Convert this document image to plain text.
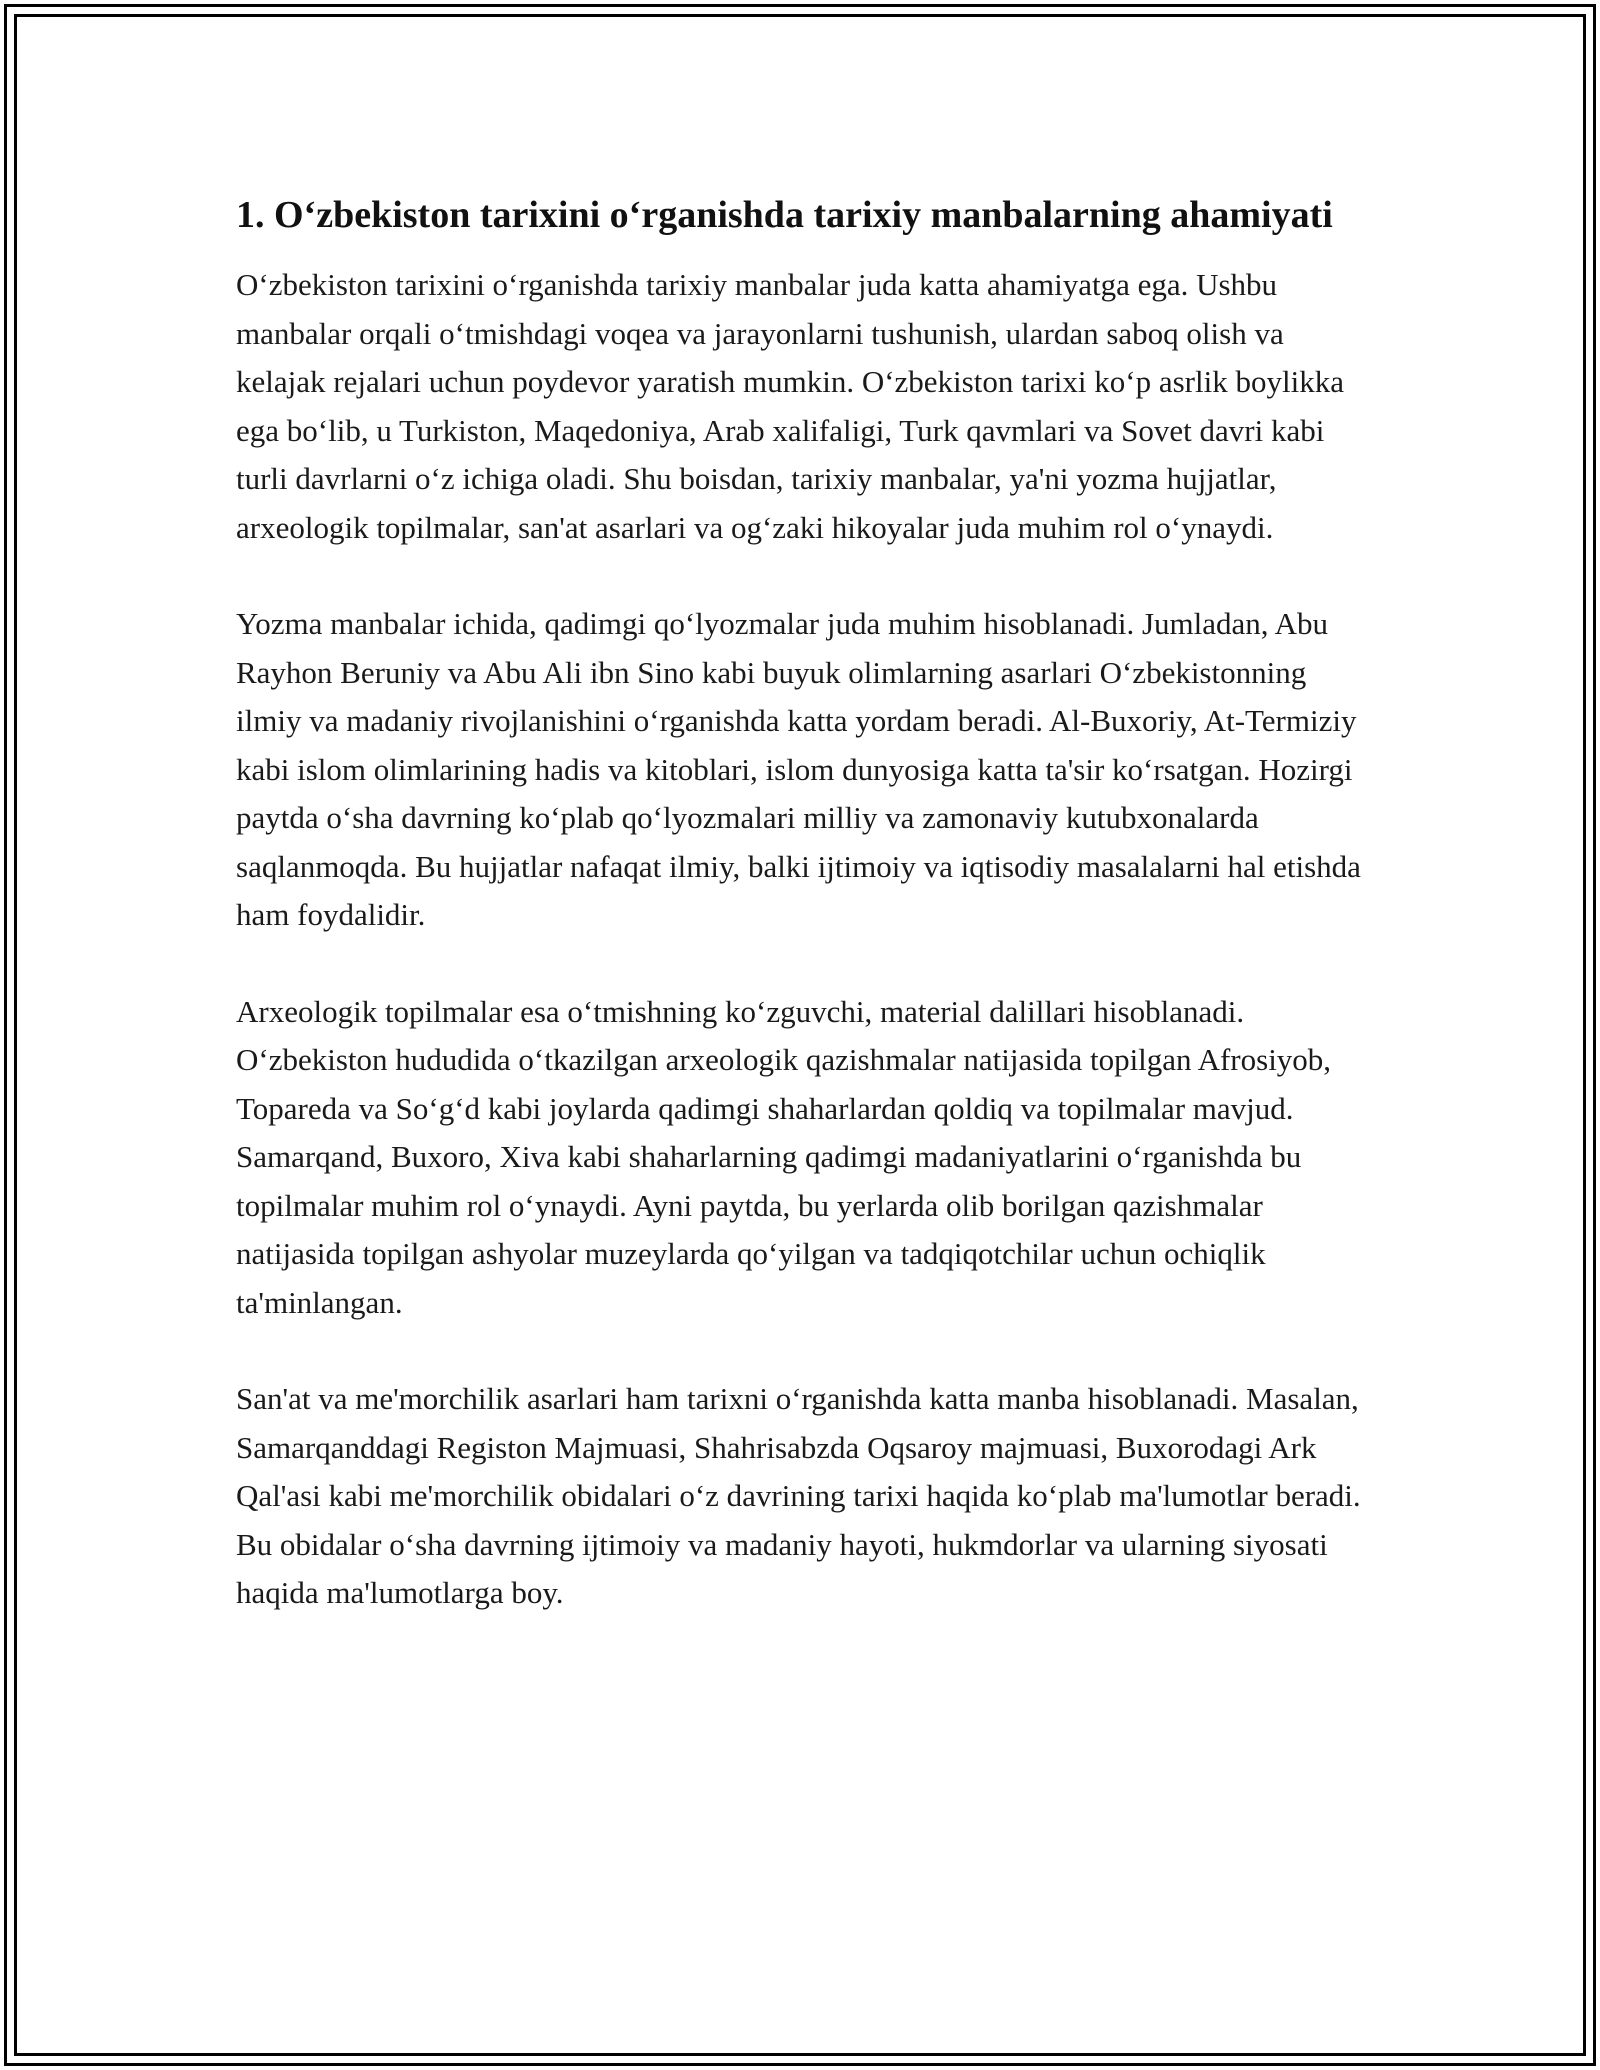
1. O‘zbekiston tarixini o‘rganishda tarixiy manbalarning ahamiyati

O‘zbekiston tarixini o‘rganishda tarixiy manbalar juda katta ahamiyatga ega. Ushbu manbalar orqali o‘tmishdagi voqea va jarayonlarni tushunish, ulardan saboq olish va kelajak rejalari uchun poydevor yaratish mumkin. O‘zbekiston tarixi ko‘p asrlik boylikka ega bo‘lib, u Turkiston, Maqedoniya, Arab xalifaligi, Turk qavmlari va Sovet davri kabi turli davrlarni o‘z ichiga oladi. Shu boisdan, tarixiy manbalar, ya'ni yozma hujjatlar, arxeologik topilmalar, san'at asarlari va og‘zaki hikoyalar juda muhim rol o‘ynaydi.

Yozma manbalar ichida, qadimgi qo‘lyozmalar juda muhim hisoblanadi. Jumladan, Abu Rayhon Beruniy va Abu Ali ibn Sino kabi buyuk olimlarning asarlari O‘zbekistonning ilmiy va madaniy rivojlanishini o‘rganishda katta yordam beradi. Al-Buxoriy, At-Termiziy kabi islom olimlarining hadis va kitoblari, islom dunyosiga katta ta'sir ko‘rsatgan. Hozirgi paytda o‘sha davrning ko‘plab qo‘lyozmalari milliy va zamonaviy kutubxonalarda saqlanmoqda. Bu hujjatlar nafaqat ilmiy, balki ijtimoiy va iqtisodiy masalalarni hal etishda ham foydalidir.

Arxeologik topilmalar esa o‘tmishning ko‘zguvchi, material dalillari hisoblanadi. O‘zbekiston hududida o‘tkazilgan arxeologik qazishmalar natijasida topilgan Afrosiyob, Topareda va So‘g‘d kabi joylarda qadimgi shaharlardan qoldiq va topilmalar mavjud. Samarqand, Buxoro, Xiva kabi shaharlarning qadimgi madaniyatlarini o‘rganishda bu topilmalar muhim rol o‘ynaydi. Ayni paytda, bu yerlarda olib borilgan qazishmalar natijasida topilgan ashyolar muzeylarda qo‘yilgan va tadqiqotchilar uchun ochiqlik ta'minlangan.

San'at va me'morchilik asarlari ham tarixni o‘rganishda katta manba hisoblanadi. Masalan, Samarqanddagi Registon Majmuasi, Shahrisabzda Oqsaroy majmuasi, Buxorodagi Ark Qal'asi kabi me'morchilik obidalari o‘z davrining tarixi haqida ko‘plab ma'lumotlar beradi. Bu obidalar o‘sha davrning ijtimoiy va madaniy hayoti, hukmdorlar va ularning siyosati haqida ma'lumotlarga boy.
